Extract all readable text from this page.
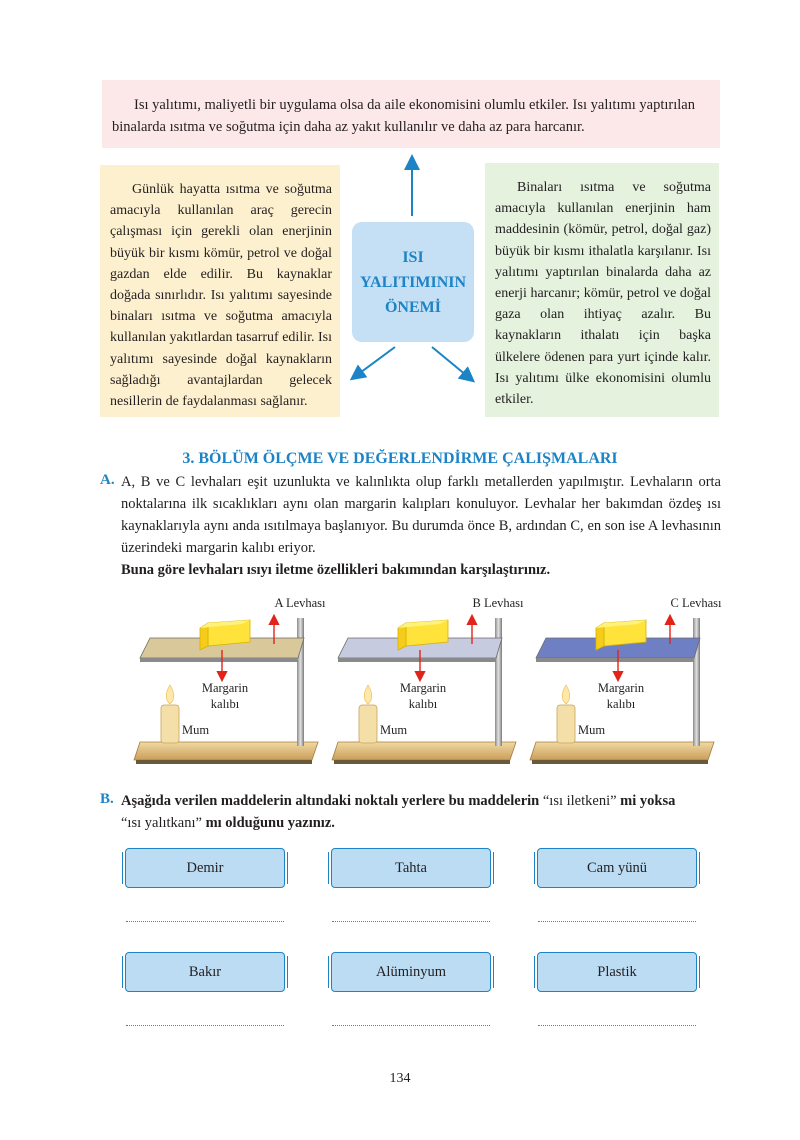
Isı yalıtımı, maliyetli bir uygulama olsa da aile ekonomisini olumlu etkiler. Isı yalıtımı yaptırılan binalarda ısıtma ve soğutma için daha az yakıt kullanılır ve daha az para harcanır.
Günlük hayatta ısıtma ve soğutma amacıyla kullanılan araç gerecin çalışması için gerekli olan enerjinin büyük bir kısmı kömür, petrol ve doğal gazdan elde edilir. Bu kaynaklar doğada sınırlıdır. Isı yalıtımı sayesinde binaları ısıtma ve soğutma amacıyla kullanılan yakıtlardan tasarruf edilir. Isı yalıtımı sayesinde doğal kaynakların sağladığı avantajlardan gelecek nesillerin de faydalanması sağlanır.
ISI
YALITIMININ
ÖNEMİ
Binaları ısıtma ve soğutma amacıyla kullanılan enerjinin ham maddesinin (kömür, petrol, doğal gaz) büyük bir kısmı ithalatla karşılanır. Isı yalıtımı yaptırılan binalarda daha az enerji harcanır; kömür, petrol ve doğal gaza olan ihtiyaç azalır. Bu kaynakların ithalatı için başka ülkelere ödenen para yurt içinde kalır. Isı yalıtımı ülke ekonomisini olumlu etkiler.
3. BÖLÜM ÖLÇME VE DEĞERLENDİRME ÇALIŞMALARI
A. A, B ve C levhaları eşit uzunlukta ve kalınlıkta olup farklı metallerden yapılmıştır. Levhaların orta noktalarına ilk sıcaklıkları aynı olan margarin kalıpları konuluyor. Levhalar her bakımdan özdeş ısı kaynaklarıyla aynı anda ısıtılmaya başlanıyor. Bu durumda önce B, ardından C, en son ise A levhasının üzerindeki margarin kalıbı eriyor.
Buna göre levhaları ısıyı iletme özellikleri bakımından karşılaştırınız.
A Levhası
Margarin
kalıbı
Mum
B Levhası
Margarin
kalıbı
Mum
C Levhası
Margarin
kalıbı
Mum
B. Aşağıda verilen maddelerin altındaki noktalı yerlere bu maddelerin “ısı iletkeni” mi yoksa
“ısı yalıtkanı” mı olduğunu yazınız.
Demir	Tahta	Cam yünü
Bakır	Alüminyum	Plastik
134
